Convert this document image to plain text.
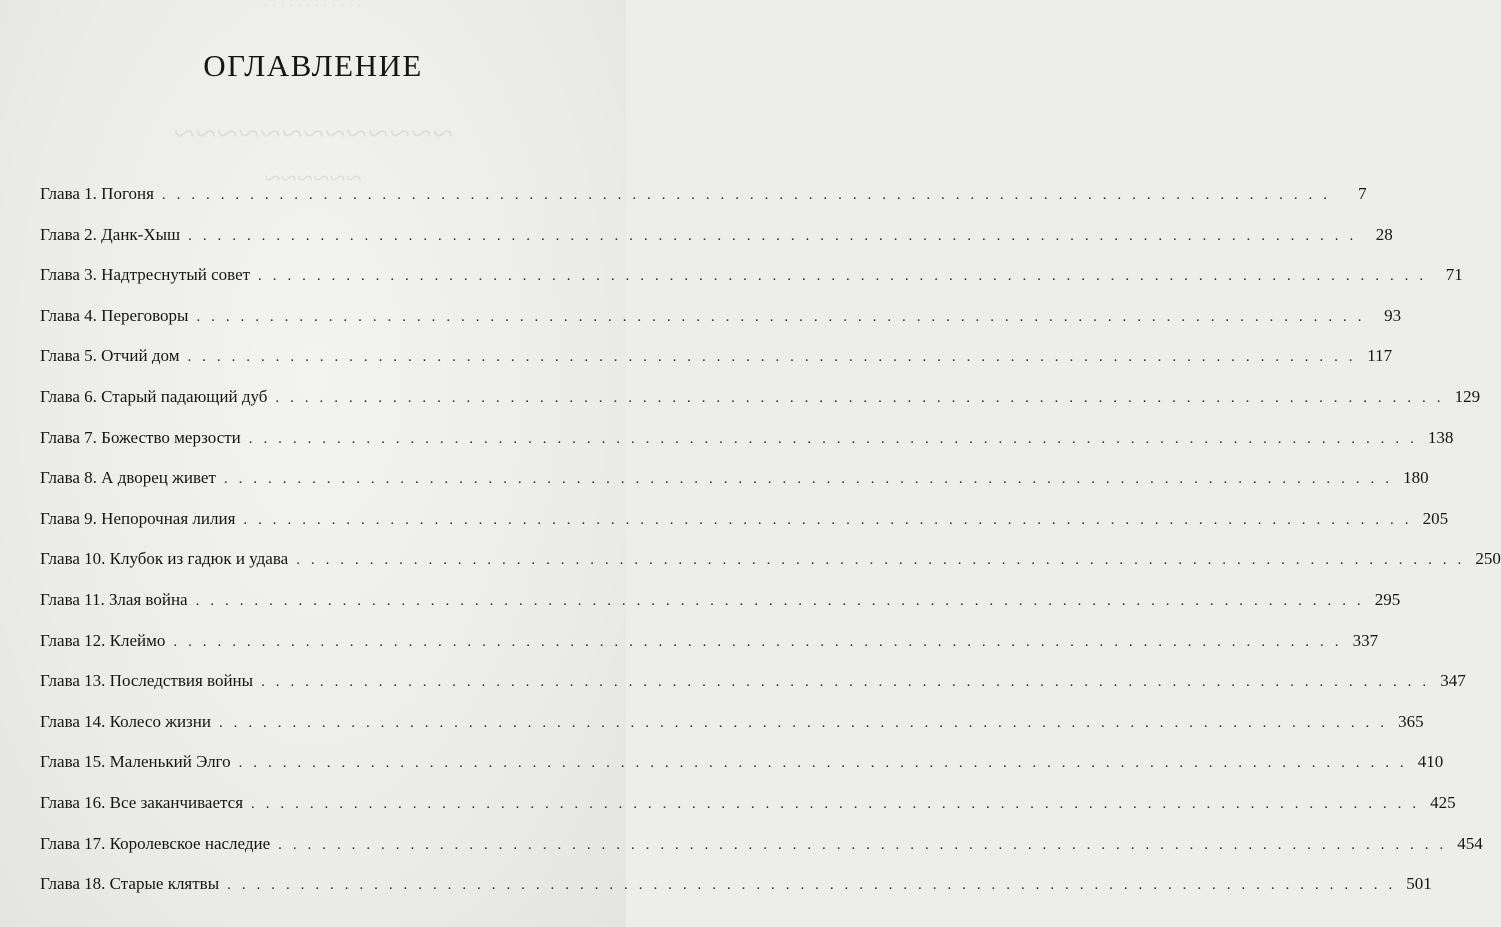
. . . . . . . . . . . .
~~~~~~~~~~~~~
~~~~~~
ОГЛАВЛЕНИЕ
Глава 1. Погоня . . . . . . . . . . . . . . . . . . . . . . . . . . . . . . . . . . . . . . . . . . . . . . . . . . . . . . . . . . . . . . . . . . . . . . . . . . . . . . . .	7
Глава 2. Данк-Хыш . . . . . . . . . . . . . . . . . . . . . . . . . . . . . . . . . . . . . . . . . . . . . . . . . . . . . . . . . . . . . . . . . . . . . . . . . . . . . . . .	28
Глава 3. Надтреснутый совет . . . . . . . . . . . . . . . . . . . . . . . . . . . . . . . . . . . . . . . . . . . . . . . . . . . . . . . . . . . . . . . . . . . . . . . . . . . . . . . .	71
Глава 4. Переговоры . . . . . . . . . . . . . . . . . . . . . . . . . . . . . . . . . . . . . . . . . . . . . . . . . . . . . . . . . . . . . . . . . . . . . . . . . . . . . . . .	93
Глава 5. Отчий дом . . . . . . . . . . . . . . . . . . . . . . . . . . . . . . . . . . . . . . . . . . . . . . . . . . . . . . . . . . . . . . . . . . . . . . . . . . . . . . . . 117
Глава 6. Старый падающий дуб . . . . . . . . . . . . . . . . . . . . . . . . . . . . . . . . . . . . . . . . . . . . . . . . . . . . . . . . . . . . . . . . . . . . . . . . . . . . . . . . 129
Глава 7. Божество мерзости . . . . . . . . . . . . . . . . . . . . . . . . . . . . . . . . . . . . . . . . . . . . . . . . . . . . . . . . . . . . . . . . . . . . . . . . . . . . . . . . 138
Глава 8. А дворец живет . . . . . . . . . . . . . . . . . . . . . . . . . . . . . . . . . . . . . . . . . . . . . . . . . . . . . . . . . . . . . . . . . . . . . . . . . . . . . . . . 180
Глава 9. Непорочная лилия . . . . . . . . . . . . . . . . . . . . . . . . . . . . . . . . . . . . . . . . . . . . . . . . . . . . . . . . . . . . . . . . . . . . . . . . . . . . . . . . 205
Глава 10. Клубок из гадюк и удава . . . . . . . . . . . . . . . . . . . . . . . . . . . . . . . . . . . . . . . . . . . . . . . . . . . . . . . . . . . . . . . . . . . . . . . . . . . . . . . . 250
Глава 11. Злая война . . . . . . . . . . . . . . . . . . . . . . . . . . . . . . . . . . . . . . . . . . . . . . . . . . . . . . . . . . . . . . . . . . . . . . . . . . . . . . . . 295
Глава 12. Клеймо . . . . . . . . . . . . . . . . . . . . . . . . . . . . . . . . . . . . . . . . . . . . . . . . . . . . . . . . . . . . . . . . . . . . . . . . . . . . . . . . 337
Глава 13. Последствия войны . . . . . . . . . . . . . . . . . . . . . . . . . . . . . . . . . . . . . . . . . . . . . . . . . . . . . . . . . . . . . . . . . . . . . . . . . . . . . . . . 347
Глава 14. Колесо жизни . . . . . . . . . . . . . . . . . . . . . . . . . . . . . . . . . . . . . . . . . . . . . . . . . . . . . . . . . . . . . . . . . . . . . . . . . . . . . . . . 365
Глава 15. Маленький Элго . . . . . . . . . . . . . . . . . . . . . . . . . . . . . . . . . . . . . . . . . . . . . . . . . . . . . . . . . . . . . . . . . . . . . . . . . . . . . . . . 410
Глава 16. Все заканчивается . . . . . . . . . . . . . . . . . . . . . . . . . . . . . . . . . . . . . . . . . . . . . . . . . . . . . . . . . . . . . . . . . . . . . . . . . . . . . . . . 425
Глава 17. Королевское наследие . . . . . . . . . . . . . . . . . . . . . . . . . . . . . . . . . . . . . . . . . . . . . . . . . . . . . . . . . . . . . . . . . . . . . . . . . . . . . . . . 454
Глава 18. Старые клятвы . . . . . . . . . . . . . . . . . . . . . . . . . . . . . . . . . . . . . . . . . . . . . . . . . . . . . . . . . . . . . . . . . . . . . . . . . . . . . . . . 501
